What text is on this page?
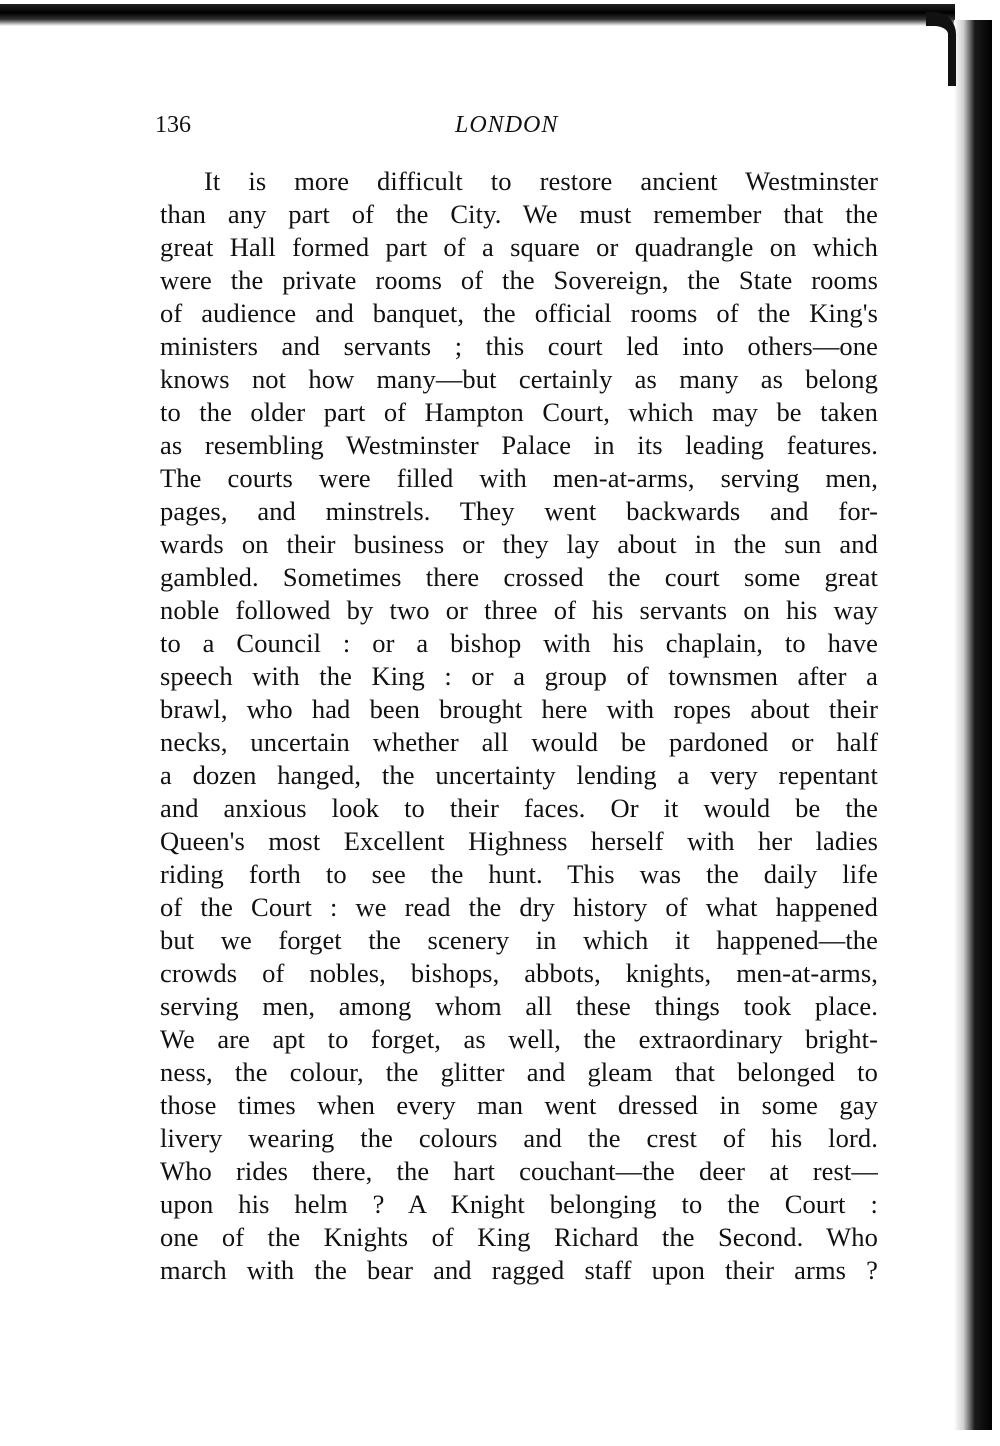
136	LONDON
It is more difficult to restore ancient Westminster
than any part of the City. We must remember that the
great Hall formed part of a square or quadrangle on which
were the private rooms of the Sovereign, the State rooms
of audience and banquet, the official rooms of the King's
ministers and servants ; this court led into others—one
knows not how many—but certainly as many as belong
to the older part of Hampton Court, which may be taken
as resembling Westminster Palace in its leading features.
The courts were filled with men-at-arms, serving men,
pages, and minstrels. They went backwards and for-
wards on their business or they lay about in the sun and
gambled. Sometimes there crossed the court some great
noble followed by two or three of his servants on his way
to a Council : or a bishop with his chaplain, to have
speech with the King : or a group of townsmen after a
brawl, who had been brought here with ropes about their
necks, uncertain whether all would be pardoned or half
a dozen hanged, the uncertainty lending a very repentant
and anxious look to their faces. Or it would be the
Queen's most Excellent Highness herself with her ladies
riding forth to see the hunt. This was the daily life
of the Court : we read the dry history of what happened
but we forget the scenery in which it happened—the
crowds of nobles, bishops, abbots, knights, men-at-arms,
serving men, among whom all these things took place.
We are apt to forget, as well, the extraordinary bright-
ness, the colour, the glitter and gleam that belonged to
those times when every man went dressed in some gay
livery wearing the colours and the crest of his lord.
Who rides there, the hart couchant—the deer at rest—
upon his helm ? A Knight belonging to the Court :
one of the Knights of King Richard the Second. Who
march with the bear and ragged staff upon their arms ?
